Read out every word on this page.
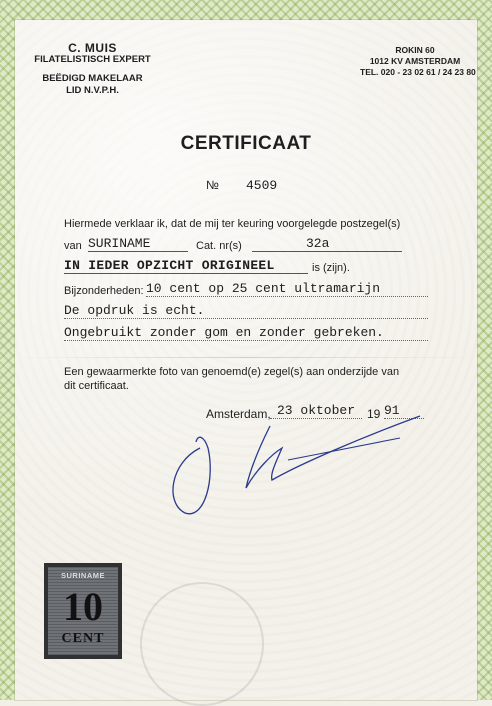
C. MUIS
FILATELISTISCH EXPERT
BEËDIGD MAKELAAR
LID N.V.P.H.
ROKIN 60
1012 KV AMSTERDAM
TEL. 020 - 23 02 61 / 24 23 80
CERTIFICAAT
№ 4509
Hiermede verklaar ik, dat de mij ter keuring voorgelegde postzegel(s)
van SURINAME	Cat. nr(s)	32a
IN IEDER OPZICHT ORIGINEEL	is (zijn).
Bijzonderheden: 10 cent op 25 cent ultramarijn
De opdruk is echt.
Ongebruikt zonder gom en zonder gebreken.
Een gewaarmerkte foto van genoemd(e) zegel(s) aan onderzijde van
dit certificaat.
Amsterdam, 23 oktober	19 91
SURINAME
10
CENT
